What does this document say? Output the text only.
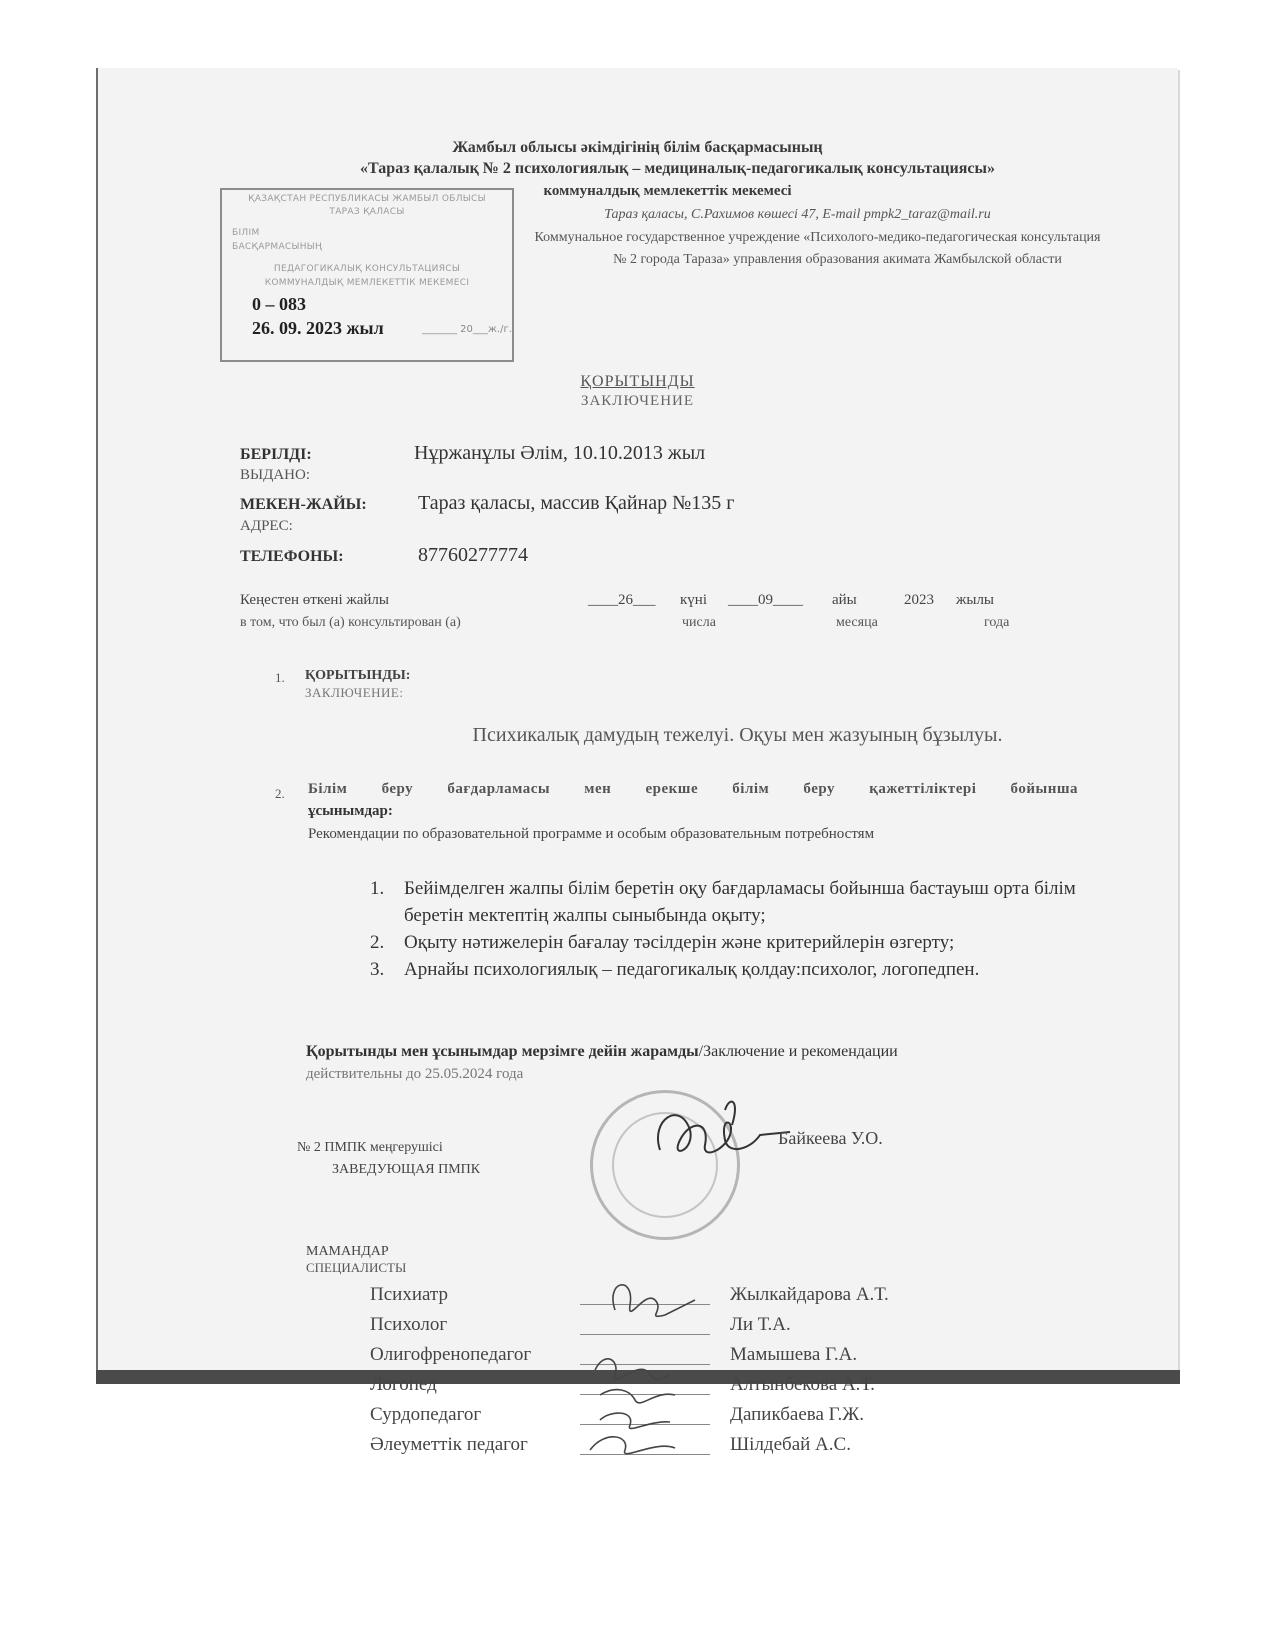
Жамбыл облысы әкімдігінің білім басқармасының
«Тараз қалалық № 2 психологиялық – медициналық-педагогикалық консультациясы»
коммуналдық мемлекеттік мекемесі
Тараз қаласы, С.Рахимов көшесі 47, E-mail pmpk2_taraz@mail.ru
Коммунальное государственное учреждение «Психолого-медико-педагогическая консультация
№ 2 города Тараза» управления образования акимата Жамбылской области
ҚАЗАҚСТАН РЕСПУБЛИКАСЫ ЖАМБЫЛ ОБЛЫСЫ
ТАРАЗ ҚАЛАСЫ
БІЛІМ
БАСҚАРМАСЫНЫҢ
ПЕДАГОГИКАЛЫҚ КОНСУЛЬТАЦИЯСЫ
КОММУНАЛДЫҚ МЕМЛЕКЕТТІК МЕКЕМЕСІ
0 – 083
26. 09. 2023 жыл	_______ 20___ж./г.
ҚОРЫТЫНДЫ
ЗАКЛЮЧЕНИЕ
БЕРІЛДІ:
ВЫДАНО:
Нұржанұлы Әлім, 10.10.2013 жыл
МЕКЕН-ЖАЙЫ:
АДРЕС:
Тараз қаласы, массив Қайнар №135 г
ТЕЛЕФОНЫ:	87760277774
Кеңестен өткені жайлы	____26___ күні ____09____ айы	2023 жылы
в том, что был (а) консультирован (а)	числа	месяца	года
1. ҚОРЫТЫНДЫ:
ЗАКЛЮЧЕНИЕ:
Психикалық дамудың тежелуі. Оқуы мен жазуының бұзылуы.
2. Білім беру бағдарламасы мен ерекше білім беру қажеттіліктері бойынша
ұсынымдар:
Рекомендации по образовательной программе и особым образовательным потребностям
1. Бейімделген жалпы білім беретін оқу бағдарламасы бойынша бастауыш орта білім беретін мектептің жалпы сыныбында оқыту;
2. Оқыту нәтижелерін бағалау тәсілдерін және критерийлерін өзгерту;
3. Арнайы психологиялық – педагогикалық қолдау:психолог, логопедпен.
Қорытынды мен ұсынымдар мерзімге дейін жарамды/Заключение и рекомендации
действительны до 25.05.2024 года
№ 2 ПМПК меңгерушісі
ЗАВЕДУЮЩАЯ ПМПК
Байкеева У.О.
МАМАНДАР
СПЕЦИАЛИСТЫ
Психиатр	Жылкайдарова А.Т.
Психолог	Ли Т.А.
Олигофренопедагог	Мамышева Г.А.
Логопед	Алтынбекова А.Т.
Сурдопедагог	Дапикбаева Г.Ж.
Әлеуметтік педагог	Шілдебай А.С.
